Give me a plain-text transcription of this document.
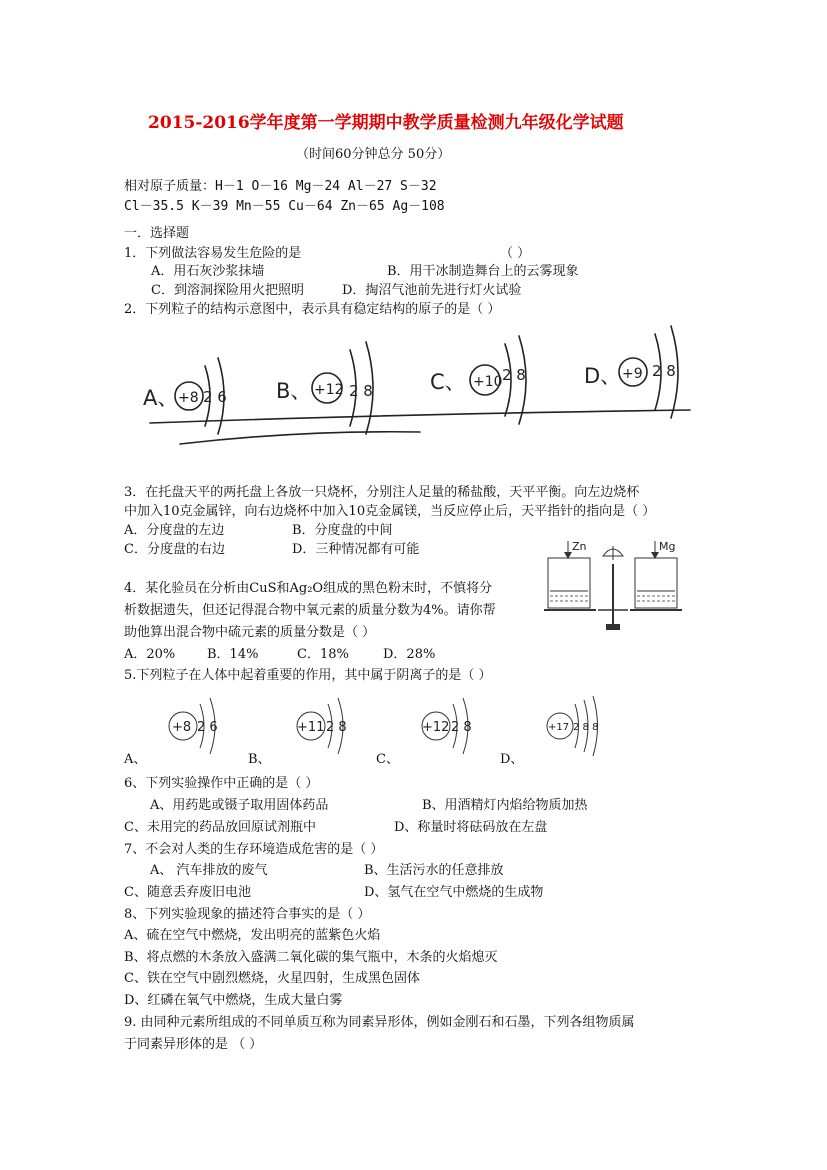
2015-2016学年度第一学期期中教学质量检测九年级化学试题
（时间60分钟总分 50分）
相对原子质量：H－1 O－16 Mg－24 Al－27 S－32
Cl－35.5 K－39 Mn－55 Cu－64 Zn－65 Ag－108
一．选择题
1．下列做法容易发生危险的是	（ ）
A．用石灰沙浆抹墙	B．用干冰制造舞台上的云雾现象
C．到溶洞探险用火把照明	D．掏沼气池前先进行灯火试验
2．下列粒子的结构示意图中，表示具有稳定结构的原子的是（ ）
A、 +8 2 6 B、 +12 2 8	C、 +10 2 8	D、 +9 2 8
3．在托盘天平的两托盘上各放一只烧杯，分别注人足量的稀盐酸，天平平衡。向左边烧杯
中加入10克金属锌，向右边烧杯中加入10克金属镁，当反应停止后，天平指针的指向是（ ）
A．分度盘的左边	B．分度盘的中间
C．分度盘的右边	D．三种情况都有可能	Zn	Mg
4．某化验员在分析由CuS和Ag₂O组成的黑色粉末时，不慎将分
析数据遗失，但还记得混合物中氧元素的质量分数为4%。请你帮
助他算出混合物中硫元素的质量分数是（ ）
A．20% B．14%	C．18%	D．28%
5.下列粒子在人体中起着重要的作用，其中属于阴离子的是（ ）
+8 2 6	+11 2 8	+12 2 8	+17 2 8 8
A、	B、	C、	D、
6、下列实验操作中正确的是（ ）
A、用药匙或镊子取用固体药品	B、用酒精灯内焰给物质加热
C、未用完的药品放回原试剂瓶中	D、称量时将砝码放在左盘
7、不会对人类的生存环境造成危害的是（ ）
A、 汽车排放的废气	B、生活污水的任意排放
C、随意丢弃废旧电池	D、氢气在空气中燃烧的生成物
8、下列实验现象的描述符合事实的是（ ）
A、硫在空气中燃烧，发出明亮的蓝紫色火焰
B、将点燃的木条放入盛满二氧化碳的集气瓶中，木条的火焰熄灭
C、铁在空气中剧烈燃烧，火星四射，生成黑色固体
D、红磷在氧气中燃烧，生成大量白雾
9. 由同种元素所组成的不同单质互称为同素异形体，例如金刚石和石墨，下列各组物质属
于同素异形体的是 （ ）
